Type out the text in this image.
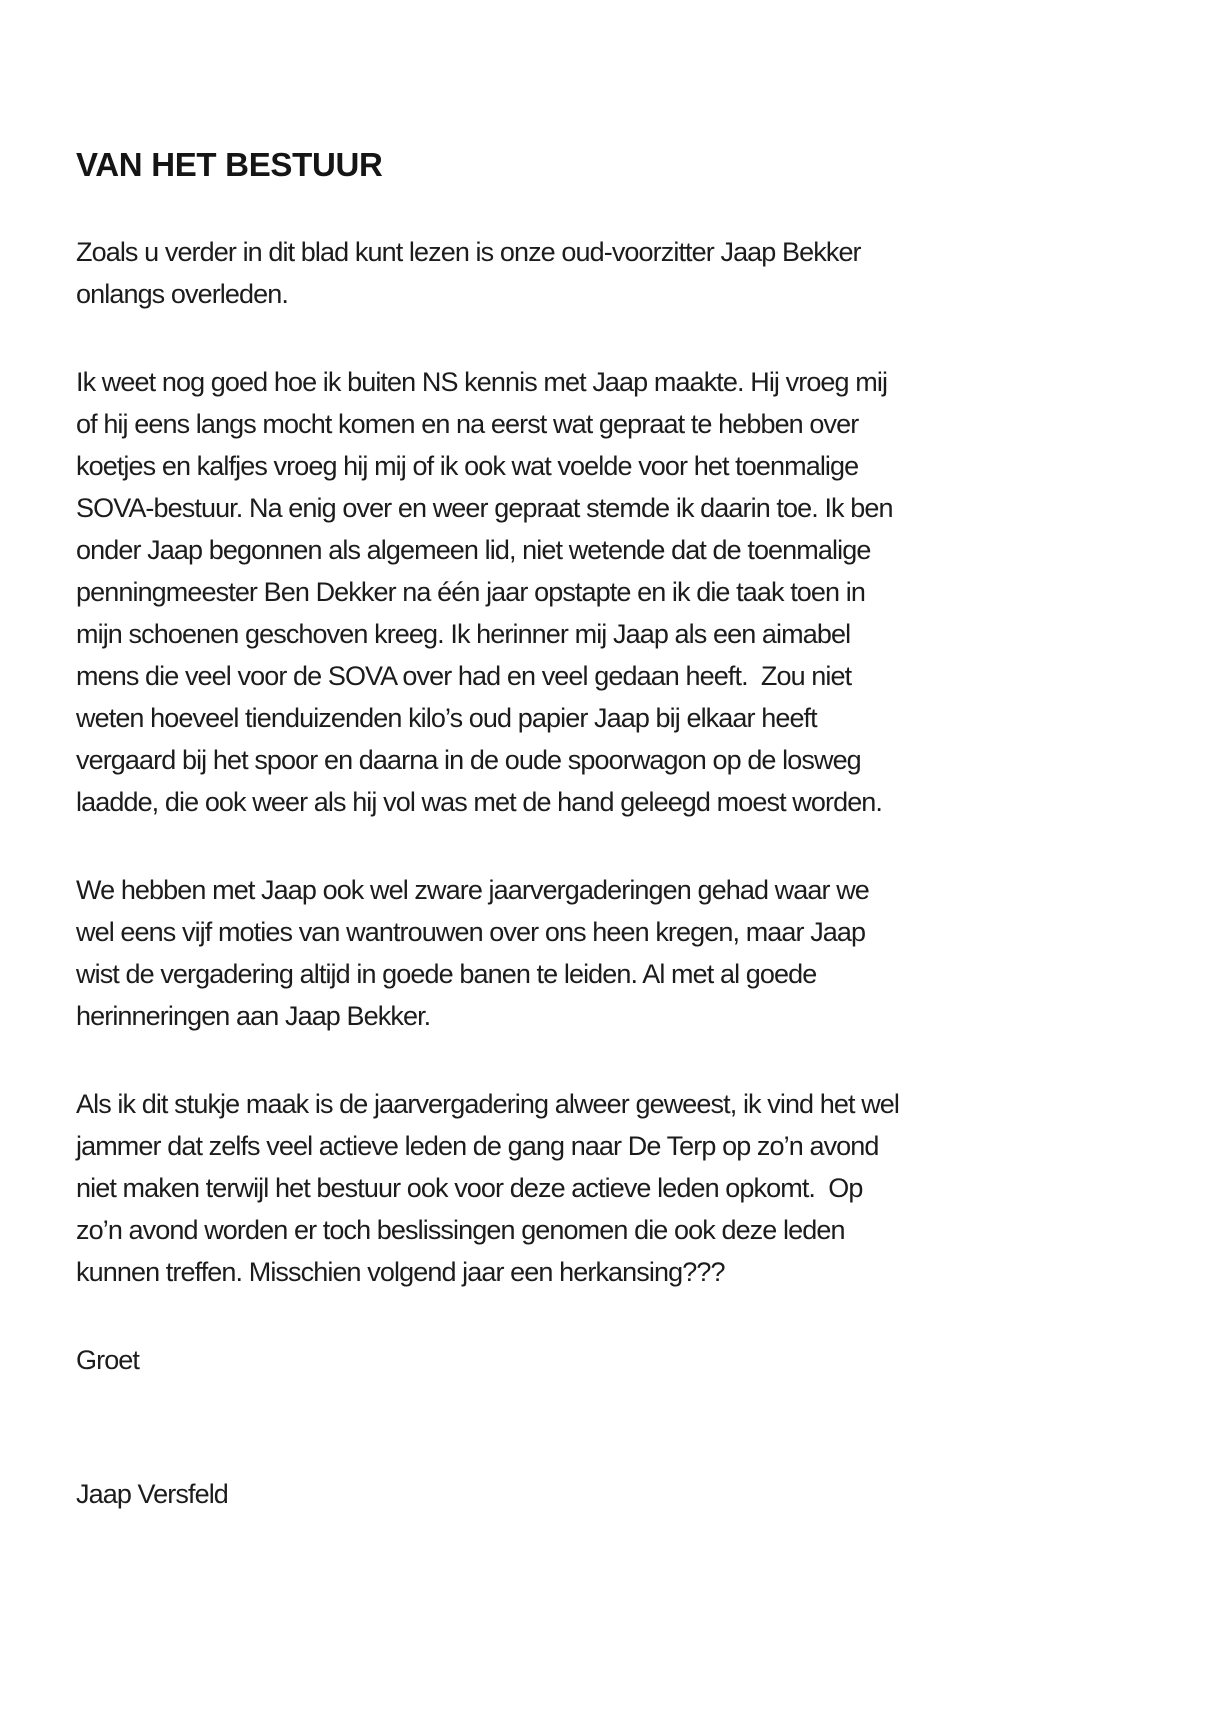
VAN HET BESTUUR
Zoals u verder in dit blad kunt lezen is onze oud-voorzitter Jaap Bekker
onlangs overleden.
Ik weet nog goed hoe ik buiten NS kennis met Jaap maakte. Hij vroeg mij
of hij eens langs mocht komen en na eerst wat gepraat te hebben over
koetjes en kalfjes vroeg hij mij of ik ook wat voelde voor het toenmalige
SOVA-bestuur. Na enig over en weer gepraat stemde ik daarin toe. Ik ben
onder Jaap begonnen als algemeen lid, niet wetende dat de toenmalige
penningmeester Ben Dekker na één jaar opstapte en ik die taak toen in
mijn schoenen geschoven kreeg. Ik herinner mij Jaap als een aimabel
mens die veel voor de SOVA over had en veel gedaan heeft.  Zou niet
weten hoeveel tienduizenden kilo’s oud papier Jaap bij elkaar heeft
vergaard bij het spoor en daarna in de oude spoorwagon op de losweg
laadde, die ook weer als hij vol was met de hand geleegd moest worden.
We hebben met Jaap ook wel zware jaarvergaderingen gehad waar we
wel eens vijf moties van wantrouwen over ons heen kregen, maar Jaap
wist de vergadering altijd in goede banen te leiden. Al met al goede
herinneringen aan Jaap Bekker.
Als ik dit stukje maak is de jaarvergadering alweer geweest, ik vind het wel
jammer dat zelfs veel actieve leden de gang naar De Terp op zo’n avond
niet maken terwijl het bestuur ook voor deze actieve leden opkomt.  Op
zo’n avond worden er toch beslissingen genomen die ook deze leden
kunnen treffen. Misschien volgend jaar een herkansing???
Groet
Jaap Versfeld
